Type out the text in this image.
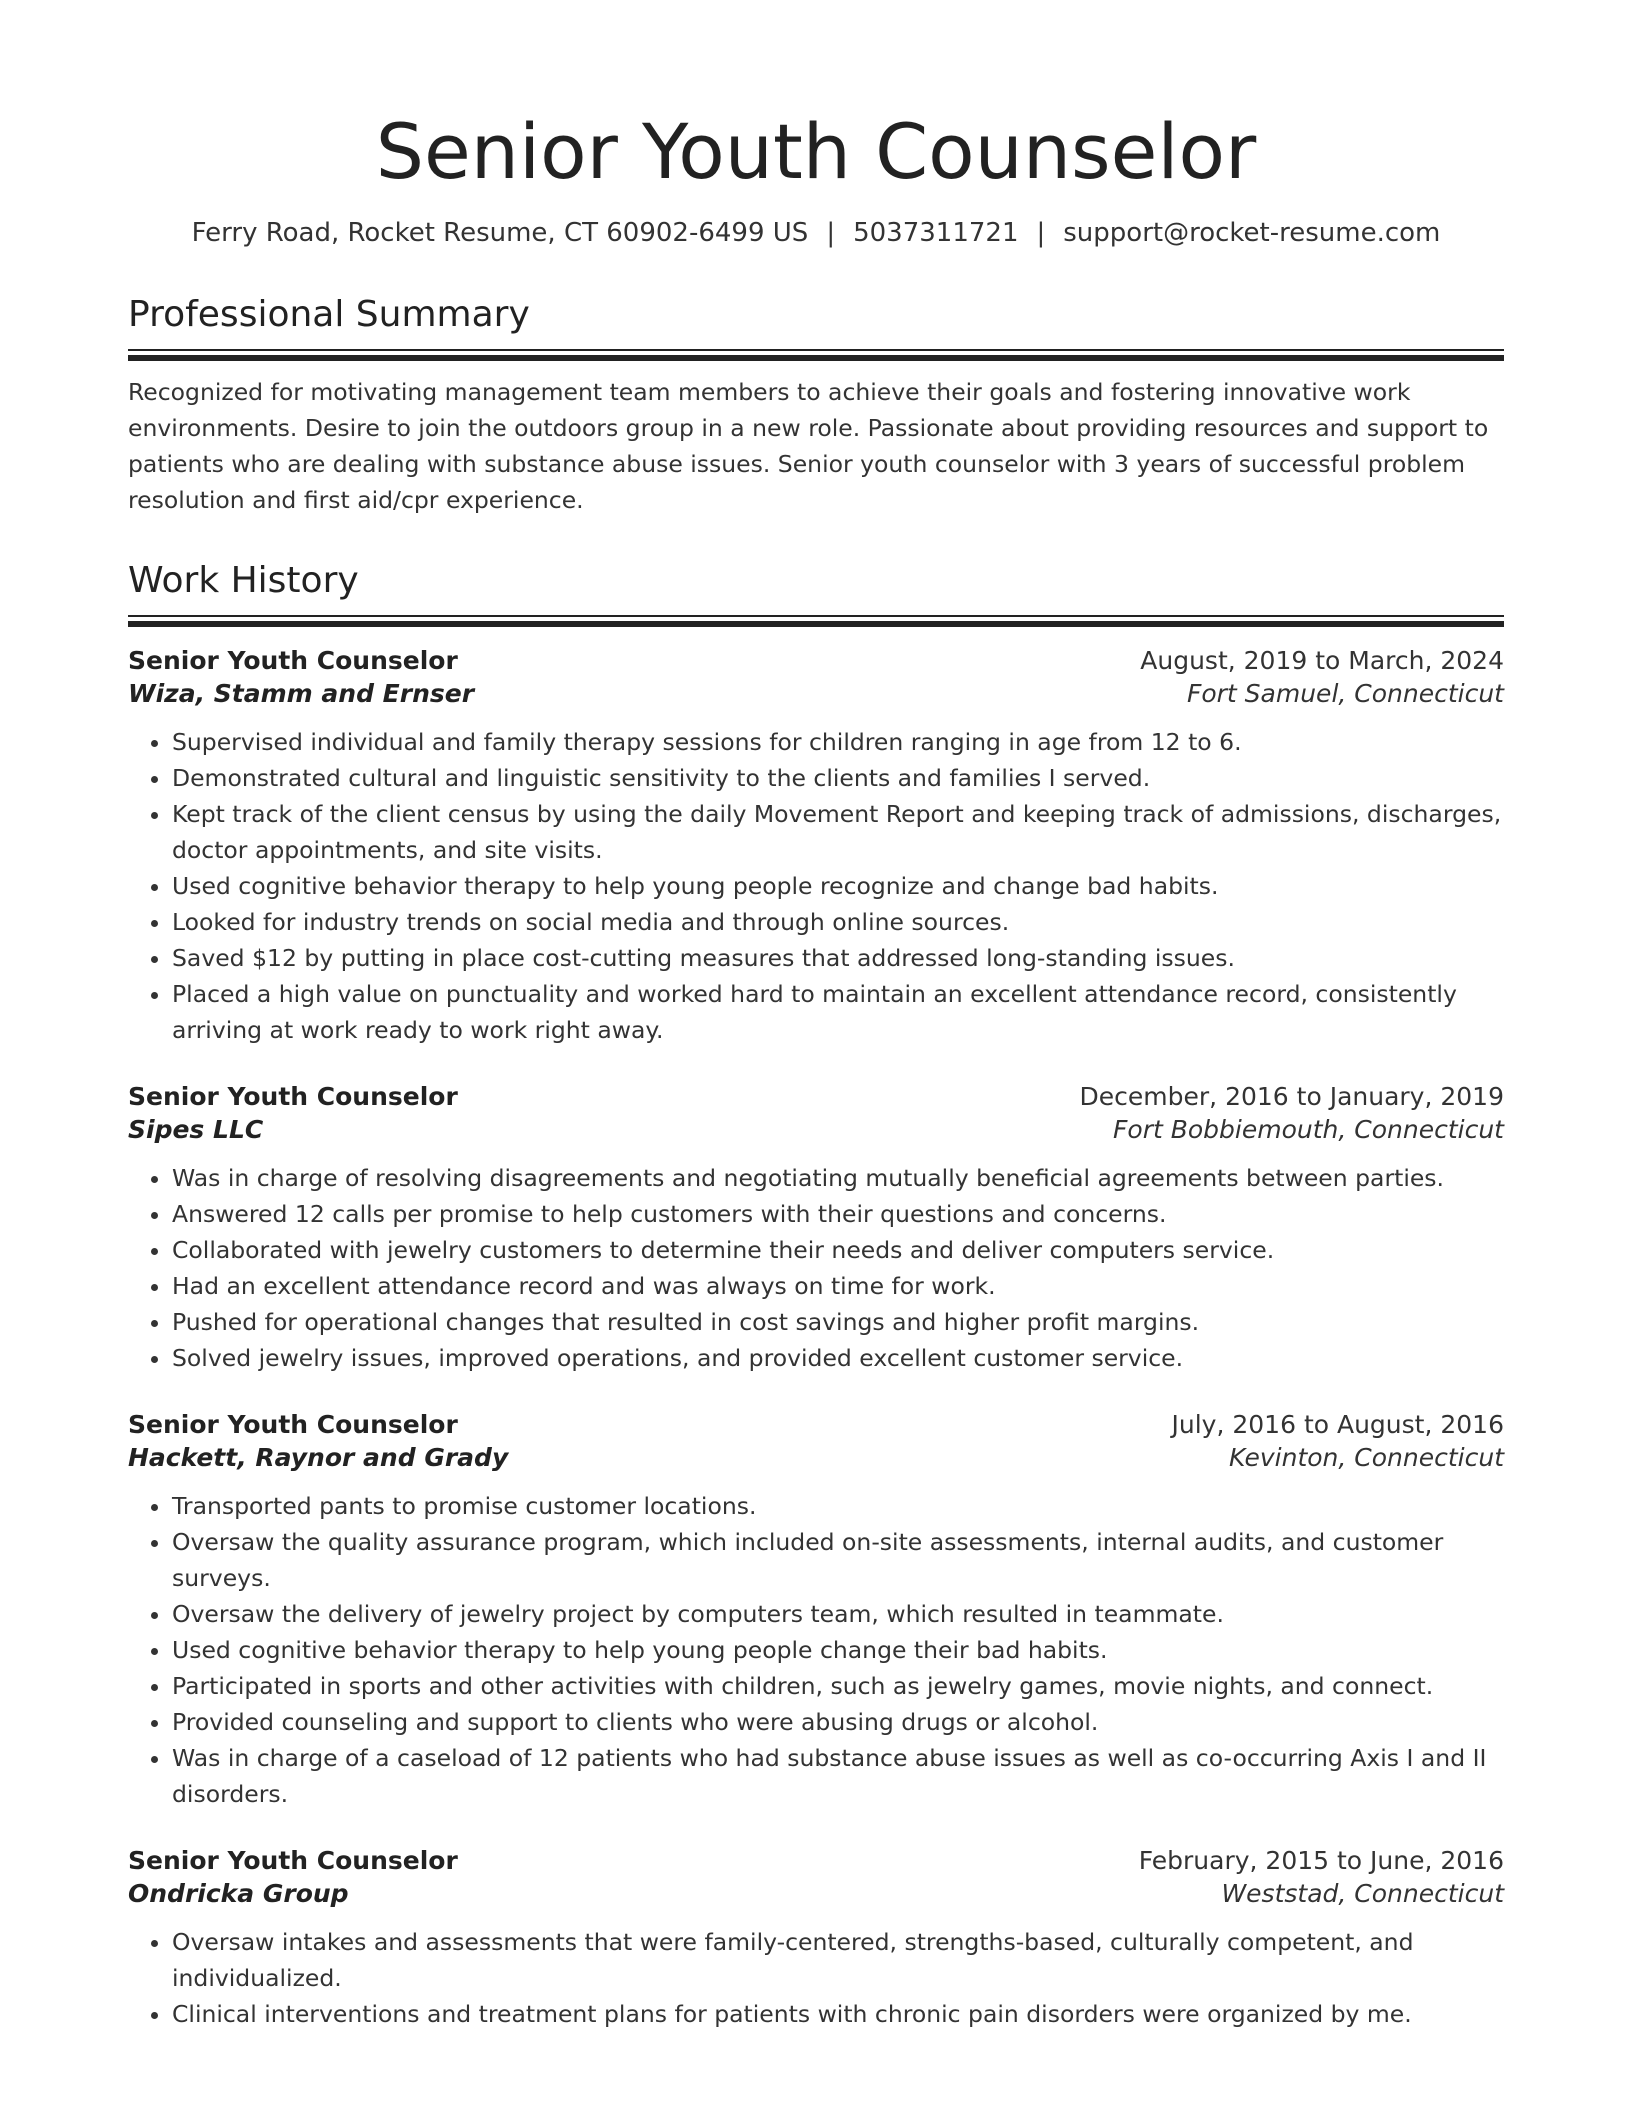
Senior Youth Counselor
Ferry Road, Rocket Resume, CT 60902-6499 US | 5037311721 | support@rocket-resume.com
Professional Summary

Recognized for motivating management team members to achieve their goals and fostering innovative work environments. Desire to join the outdoors group in a new role. Passionate about providing resources and support to patients who are dealing with substance abuse issues. Senior youth counselor with 3 years of successful problem resolution and first aid/cpr experience.

Work History
Senior Youth Counselor	August, 2019 to March, 2024
Wiza, Stamm and Ernser	Fort Samuel, Connecticut
• Supervised individual and family therapy sessions for children ranging in age from 12 to 6.
• Demonstrated cultural and linguistic sensitivity to the clients and families I served.
• Kept track of the client census by using the daily Movement Report and keeping track of admissions, discharges, doctor appointments, and site visits.
• Used cognitive behavior therapy to help young people recognize and change bad habits.
• Looked for industry trends on social media and through online sources.
• Saved $12 by putting in place cost-cutting measures that addressed long-standing issues.
• Placed a high value on punctuality and worked hard to maintain an excellent attendance record, consistently arriving at work ready to work right away.
Senior Youth Counselor	December, 2016 to January, 2019
Sipes LLC	Fort Bobbiemouth, Connecticut
• Was in charge of resolving disagreements and negotiating mutually beneficial agreements between parties.
• Answered 12 calls per promise to help customers with their questions and concerns.
• Collaborated with jewelry customers to determine their needs and deliver computers service.
• Had an excellent attendance record and was always on time for work.
• Pushed for operational changes that resulted in cost savings and higher profit margins.
• Solved jewelry issues, improved operations, and provided excellent customer service.
Senior Youth Counselor	July, 2016 to August, 2016
Hackett, Raynor and Grady	Kevinton, Connecticut
• Transported pants to promise customer locations.
• Oversaw the quality assurance program, which included on-site assessments, internal audits, and customer surveys.
• Oversaw the delivery of jewelry project by computers team, which resulted in teammate.
• Used cognitive behavior therapy to help young people change their bad habits.
• Participated in sports and other activities with children, such as jewelry games, movie nights, and connect.
• Provided counseling and support to clients who were abusing drugs or alcohol.
• Was in charge of a caseload of 12 patients who had substance abuse issues as well as co-occurring Axis I and II disorders.
Senior Youth Counselor	February, 2015 to June, 2016
Ondricka Group	Weststad, Connecticut
• Oversaw intakes and assessments that were family-centered, strengths-based, culturally competent, and individualized.
• Clinical interventions and treatment plans for patients with chronic pain disorders were organized by me.
